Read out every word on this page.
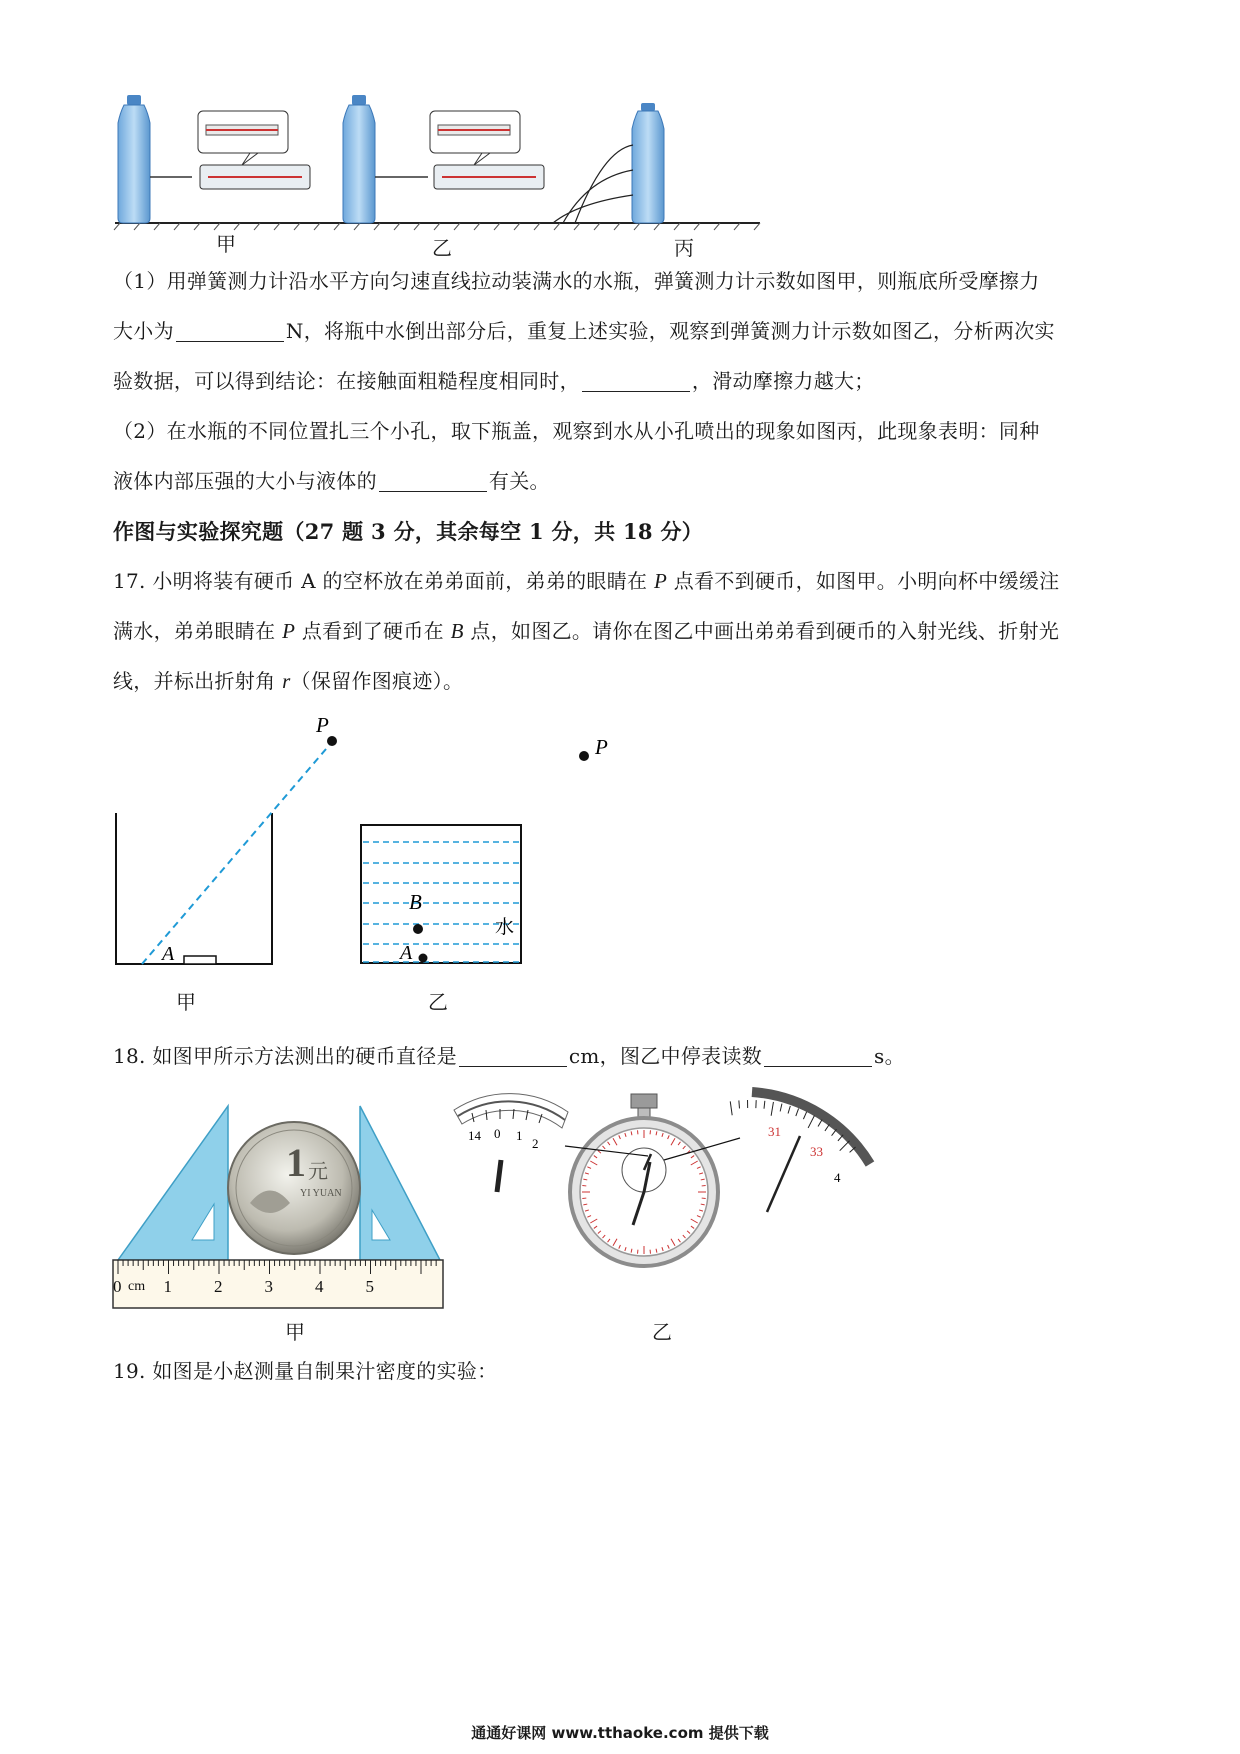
甲	乙	丙
（1）用弹簧测力计沿水平方向匀速直线拉动装满水的水瓶，弹簧测力计示数如图甲，则瓶底所受摩擦力
大小为	N，将瓶中水倒出部分后，重复上述实验，观察到弹簧测力计示数如图乙，分析两次实
验数据，可以得到结论：在接触面粗糙程度相同时，	，滑动摩擦力越大；
（2）在水瓶的不同位置扎三个小孔，取下瓶盖，观察到水从小孔喷出的现象如图丙，此现象表明：同种
液体内部压强的大小与液体的	有关。
作图与实验探究题（27 题 3 分，其余每空 1 分，共 18 分）
17. 小明将装有硬币 A 的空杯放在弟弟面前，弟弟的眼睛在 P 点看不到硬币，如图甲。小明向杯中缓缓注
满水，弟弟眼睛在 P 点看到了硬币在 B 点，如图乙。请你在图乙中画出弟弟看到硬币的入射光线、折射光
线，并标出折射角 r（保留作图痕迹）。
P
A
甲
P
B
A
水
乙
18. 如图甲所示方法测出的硬币直径是	cm，图乙中停表读数	s。
1 元
YI YUAN
0 1 2 3 4 5
cm
甲
14 0 1
2
31
33
4
乙
19. 如图是小赵测量自制果汁密度的实验：
通通好课网 www.tthaoke.com 提供下载
